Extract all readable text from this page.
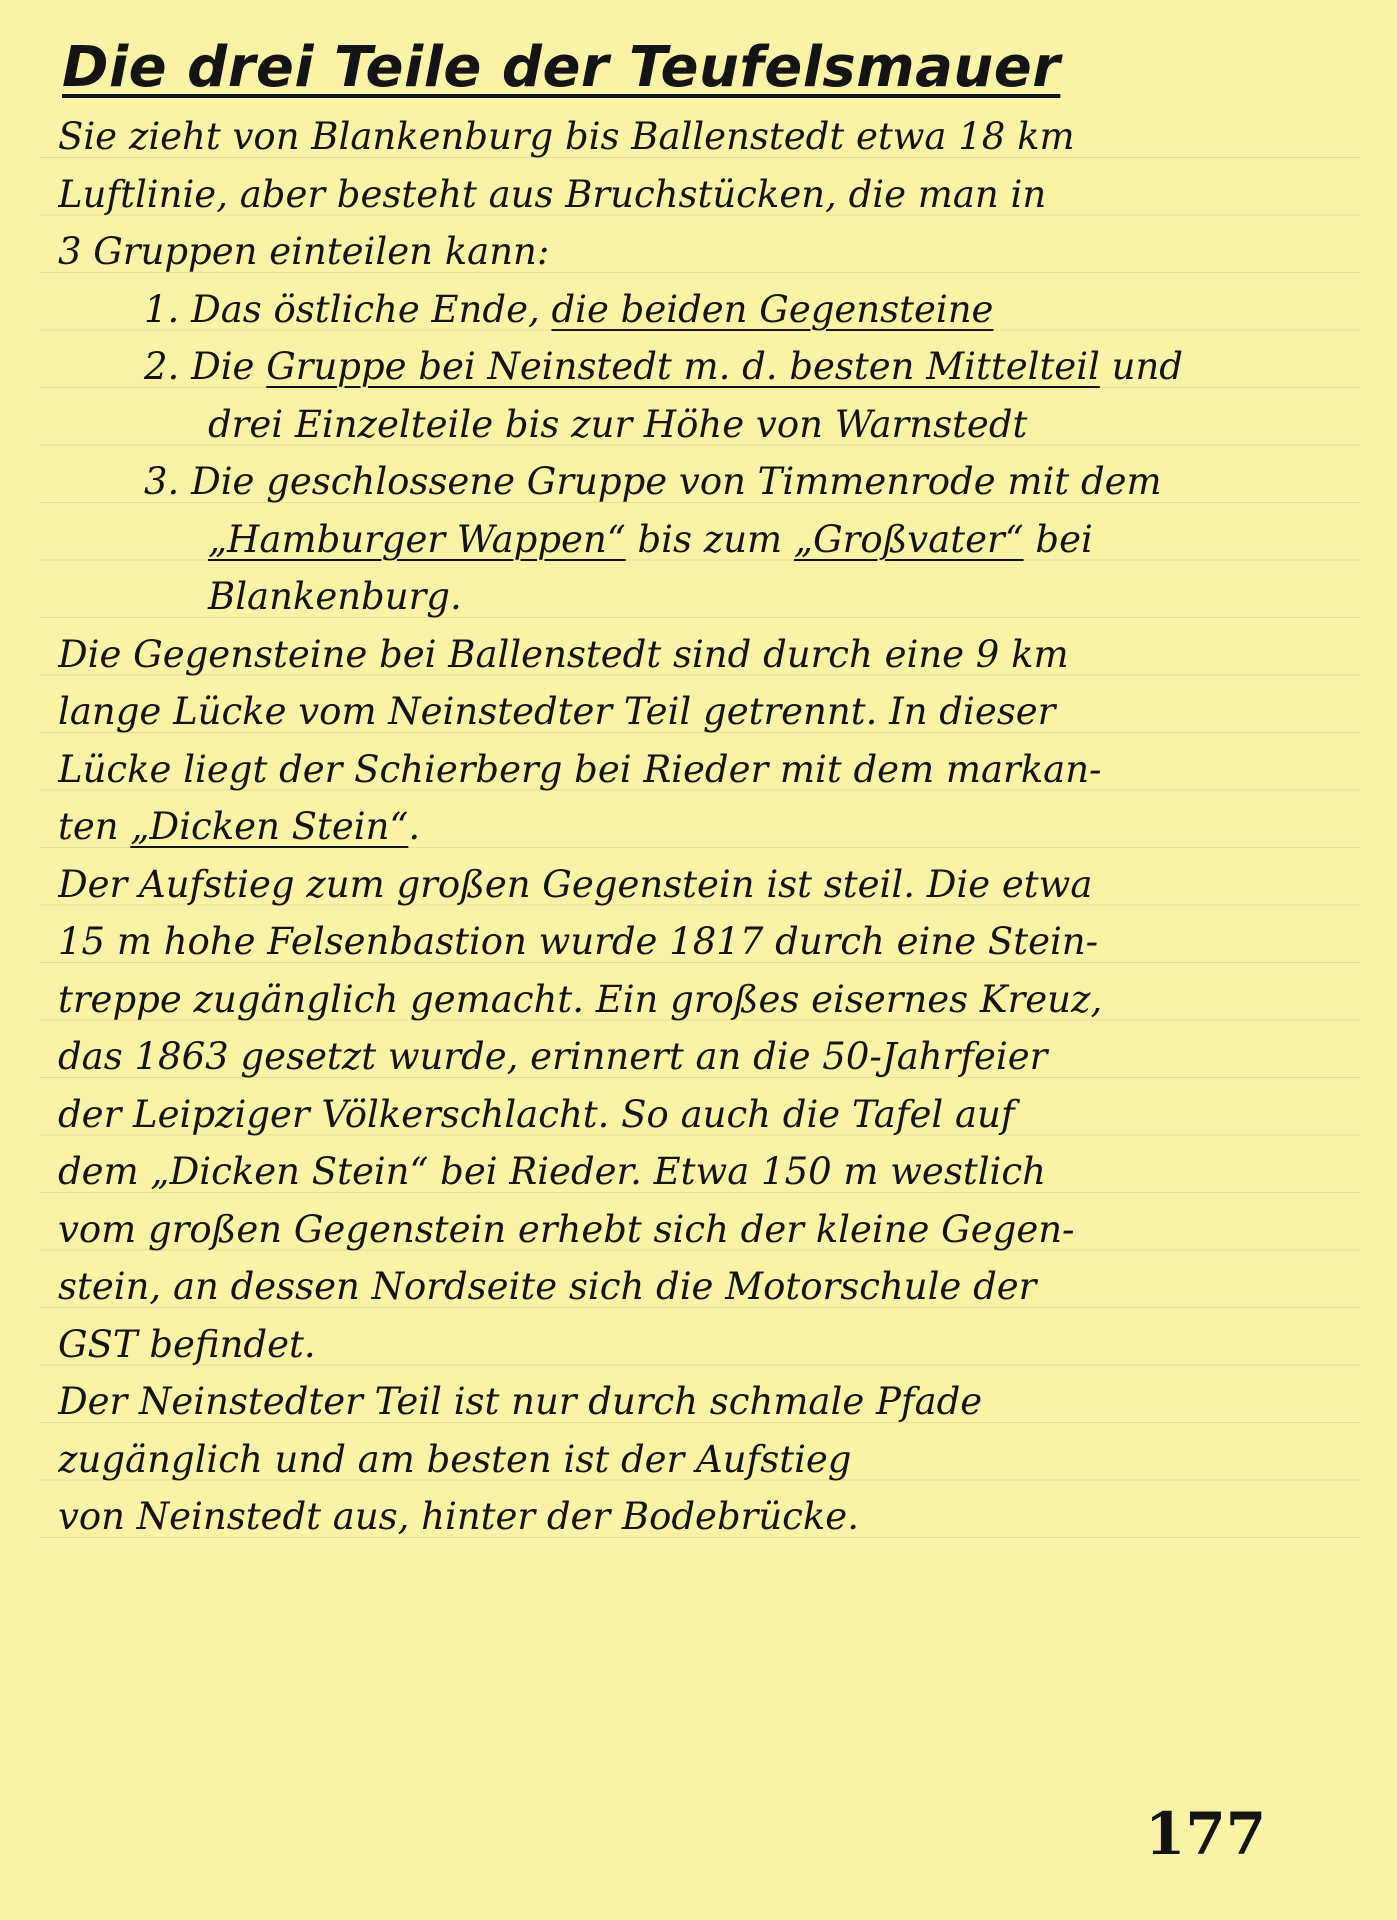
Die drei Teile der Teufelsmauer
Sie zieht von Blankenburg bis Ballenstedt etwa 18 km
Luftlinie, aber besteht aus Bruchstücken, die man in
3 Gruppen einteilen kann:
1. Das östliche Ende, die beiden Gegensteine
2. Die Gruppe bei Neinstedt m. d. besten Mittelteil und
drei Einzelteile bis zur Höhe von Warnstedt
3. Die geschlossene Gruppe von Timmenrode mit dem
„Hamburger Wappen“ bis zum „Großvater“ bei
Blankenburg.
Die Gegensteine bei Ballenstedt sind durch eine 9 km
lange Lücke vom Neinstedter Teil getrennt. In dieser
Lücke liegt der Schierberg bei Rieder mit dem markan-
ten „Dicken Stein“.
Der Aufstieg zum großen Gegenstein ist steil. Die etwa
15 m hohe Felsenbastion wurde 1817 durch eine Stein-
treppe zugänglich gemacht. Ein großes eisernes Kreuz,
das 1863 gesetzt wurde, erinnert an die 50-Jahrfeier
der Leipziger Völkerschlacht. So auch die Tafel auf
dem „Dicken Stein“ bei Rieder. Etwa 150 m westlich
vom großen Gegenstein erhebt sich der kleine Gegen-
stein, an dessen Nordseite sich die Motorschule der
GST befindet.
Der Neinstedter Teil ist nur durch schmale Pfade
zugänglich und am besten ist der Aufstieg
von Neinstedt aus, hinter der Bodebrücke.
177
